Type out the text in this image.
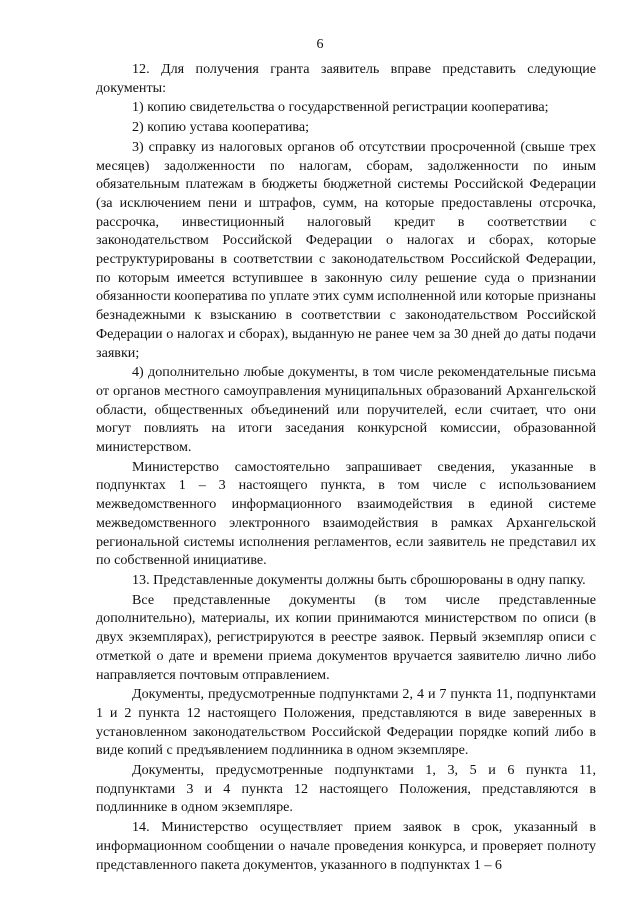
6

12. Для получения гранта заявитель вправе представить следующие документы:

1) копию свидетельства о государственной регистрации кооператива;

2) копию устава кооператива;

3) справку из налоговых органов об отсутствии просроченной (свыше трех месяцев) задолженности по налогам, сборам, задолженности по иным обязательным платежам в бюджеты бюджетной системы Российской Федерации (за исключением пени и штрафов, сумм, на которые предоставлены отсрочка, рассрочка, инвестиционный налоговый кредит в соответствии с законодательством Российской Федерации о налогах и сборах, которые реструктурированы в соответствии с законодательством Российской Федерации, по которым имеется вступившее в законную силу решение суда о признании обязанности кооператива по уплате этих сумм исполненной или которые признаны безнадежными к взысканию в соответствии с законодательством Российской Федерации о налогах и сборах), выданную не ранее чем за 30 дней до даты подачи заявки;

4) дополнительно любые документы, в том числе рекомендательные письма от органов местного самоуправления муниципальных образований Архангельской области, общественных объединений или поручителей, если считает, что они могут повлиять на итоги заседания конкурсной комиссии, образованной министерством.

Министерство самостоятельно запрашивает сведения, указанные в подпунктах 1 – 3 настоящего пункта, в том числе с использованием межведомственного информационного взаимодействия в единой системе межведомственного электронного взаимодействия в рамках Архангельской региональной системы исполнения регламентов, если заявитель не представил их по собственной инициативе.

13. Представленные документы должны быть сброшюрованы в одну папку.

Все представленные документы (в том числе представленные дополнительно), материалы, их копии принимаются министерством по описи (в двух экземплярах), регистрируются в реестре заявок. Первый экземпляр описи с отметкой о дате и времени приема документов вручается заявителю лично либо направляется почтовым отправлением.

Документы, предусмотренные подпунктами 2, 4 и 7 пункта 11, подпунктами 1 и 2 пункта 12 настоящего Положения, представляются в виде заверенных в установленном законодательством Российской Федерации порядке копий либо в виде копий с предъявлением подлинника в одном экземпляре.

Документы, предусмотренные подпунктами 1, 3, 5 и 6 пункта 11, подпунктами 3 и 4 пункта 12 настоящего Положения, представляются в подлиннике в одном экземпляре.

14. Министерство осуществляет прием заявок в срок, указанный в информационном сообщении о начале проведения конкурса, и проверяет полноту представленного пакета документов, указанного в подпунктах 1 – 6
